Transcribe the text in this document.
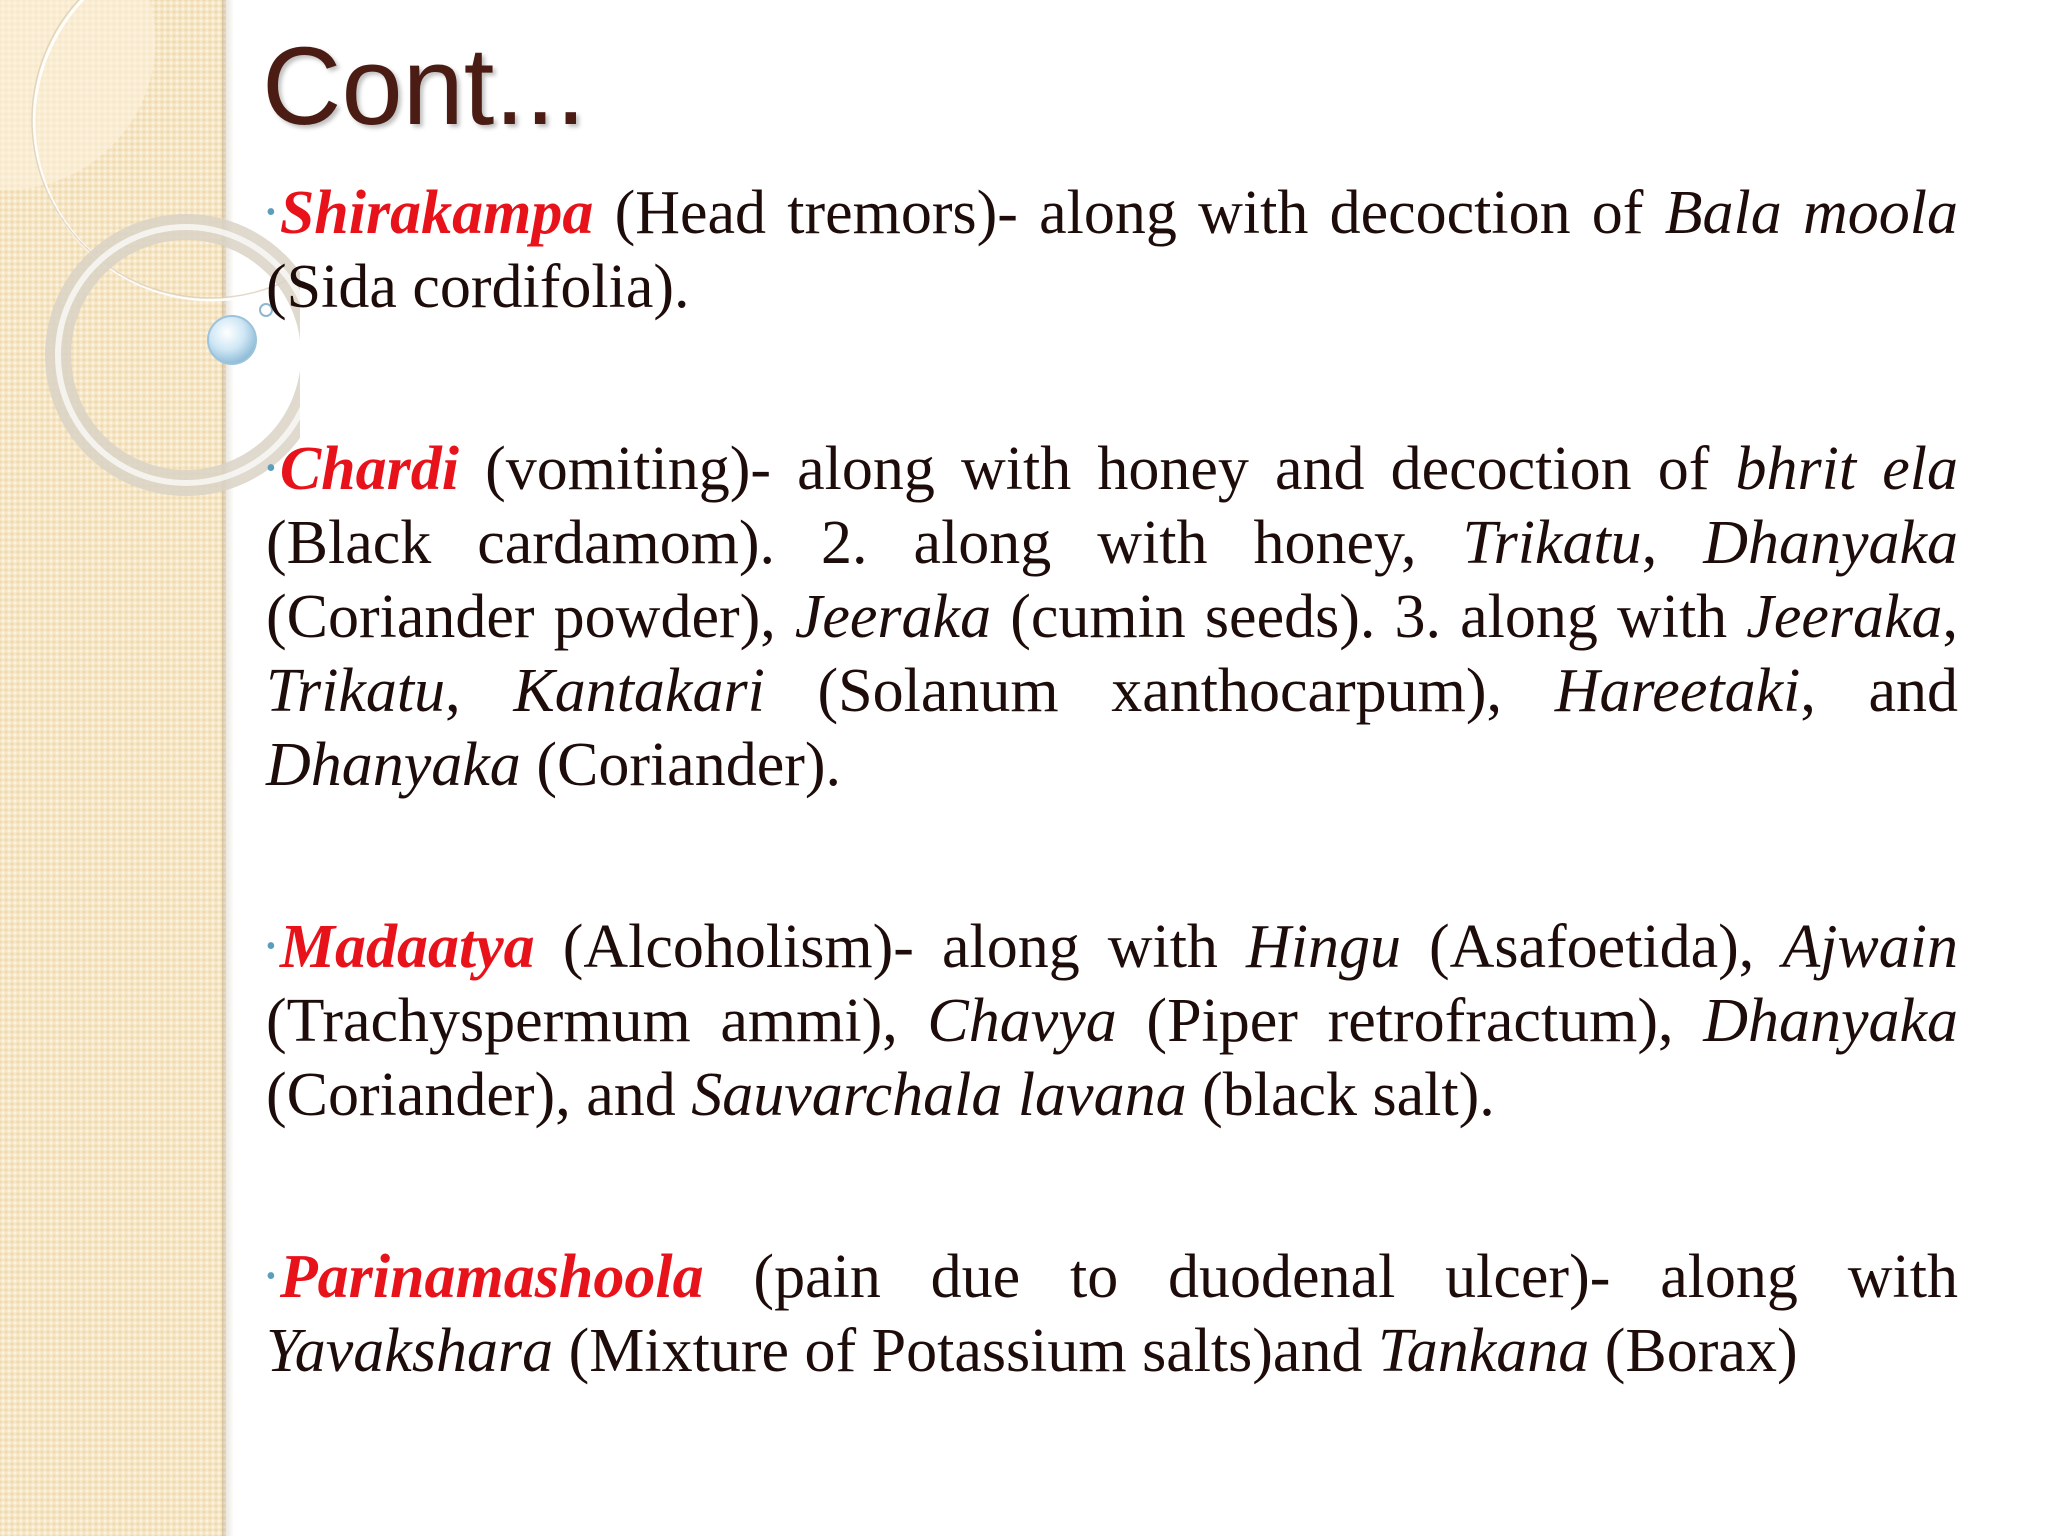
Cont...

•Shirakampa (Head tremors)- along with decoction of Bala moola (Sida cordifolia).

•Chardi (vomiting)- along with honey and decoction of bhrit ela (Black cardamom). 2. along with honey, Trikatu, Dhanyaka (Coriander powder), Jeeraka (cumin seeds). 3. along with Jeeraka, Trikatu, Kantakari (Solanum xanthocarpum), Hareetaki, and Dhanyaka (Coriander).

•Madaatya (Alcoholism)- along with Hingu (Asafoetida), Ajwain (Trachyspermum ammi), Chavya (Piper retrofractum), Dhanyaka (Coriander), and Sauvarchala lavana (black salt).

•Parinamashoola (pain due to duodenal ulcer)- along with Yavakshara (Mixture of Potassium salts)and Tankana (Borax)
